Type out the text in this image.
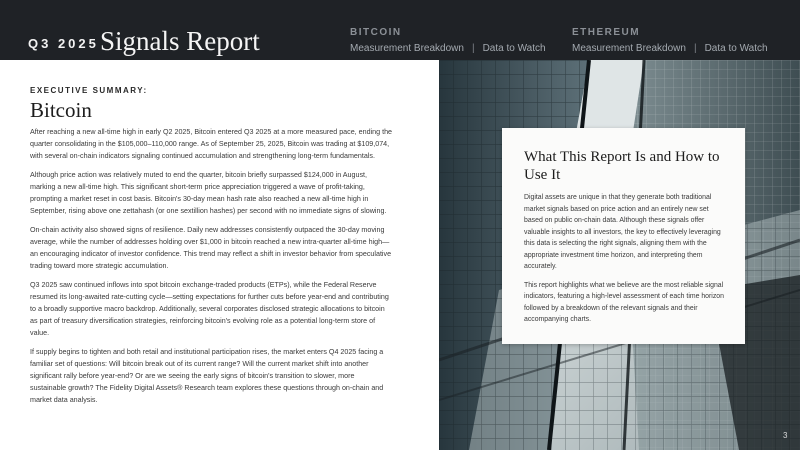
Q3 2025 Signals Report	BITCOIN
Measurement Breakdown | Data to Watch
ETHEREUM
Measurement Breakdown | Data to Watch
EXECUTIVE SUMMARY:
Bitcoin

After reaching a new all-time high in early Q2 2025, Bitcoin entered Q3 2025 at a more measured pace, ending the quarter consolidating in the $105,000–110,000 range. As of September 25, 2025, Bitcoin was trading at $109,074, with several on-chain indicators signaling continued accumulation and strengthening long-term fundamentals.

Although price action was relatively muted to end the quarter, bitcoin briefly surpassed $124,000 in August, marking a new all-time high. This significant short-term price appreciation triggered a wave of profit-taking, prompting a market reset in cost basis. Bitcoin's 30-day mean hash rate also reached a new all-time high in September, rising above one zettahash (or one sextillion hashes) per second with no immediate signs of slowing.

On-chain activity also showed signs of resilience. Daily new addresses consistently outpaced the 30-day moving average, while the number of addresses holding over $1,000 in bitcoin reached a new intra-quarter all-time high—an encouraging indicator of investor confidence. This trend may reflect a shift in investor behavior from speculative trading toward more strategic accumulation.

Q3 2025 saw continued inflows into spot bitcoin exchange-traded products (ETPs), while the Federal Reserve resumed its long-awaited rate-cutting cycle—setting expectations for further cuts before year-end and contributing to a broadly supportive macro backdrop. Additionally, several corporates disclosed strategic allocations to bitcoin as part of treasury diversification strategies, reinforcing bitcoin's evolving role as a potential long-term store of value.

If supply begins to tighten and both retail and institutional participation rises, the market enters Q4 2025 facing a familiar set of questions: Will bitcoin break out of its current range? Will the current market shift into another significant rally before year-end? Or are we seeing the early signs of bitcoin's transition to slower, more sustainable growth? The Fidelity Digital Assets® Research team explores these questions through on-chain and market data analysis.

What This Report Is and How to Use It

Digital assets are unique in that they generate both traditional market signals based on price action and an entirely new set based on public on-chain data. Although these signals offer valuable insights to all investors, the key to effectively leveraging this data is selecting the right signals, aligning them with the appropriate investment time horizon, and interpreting them accurately.

This report highlights what we believe are the most reliable signal indicators, featuring a high-level assessment of each time horizon followed by a breakdown of the relevant signals and their accompanying charts.

3
